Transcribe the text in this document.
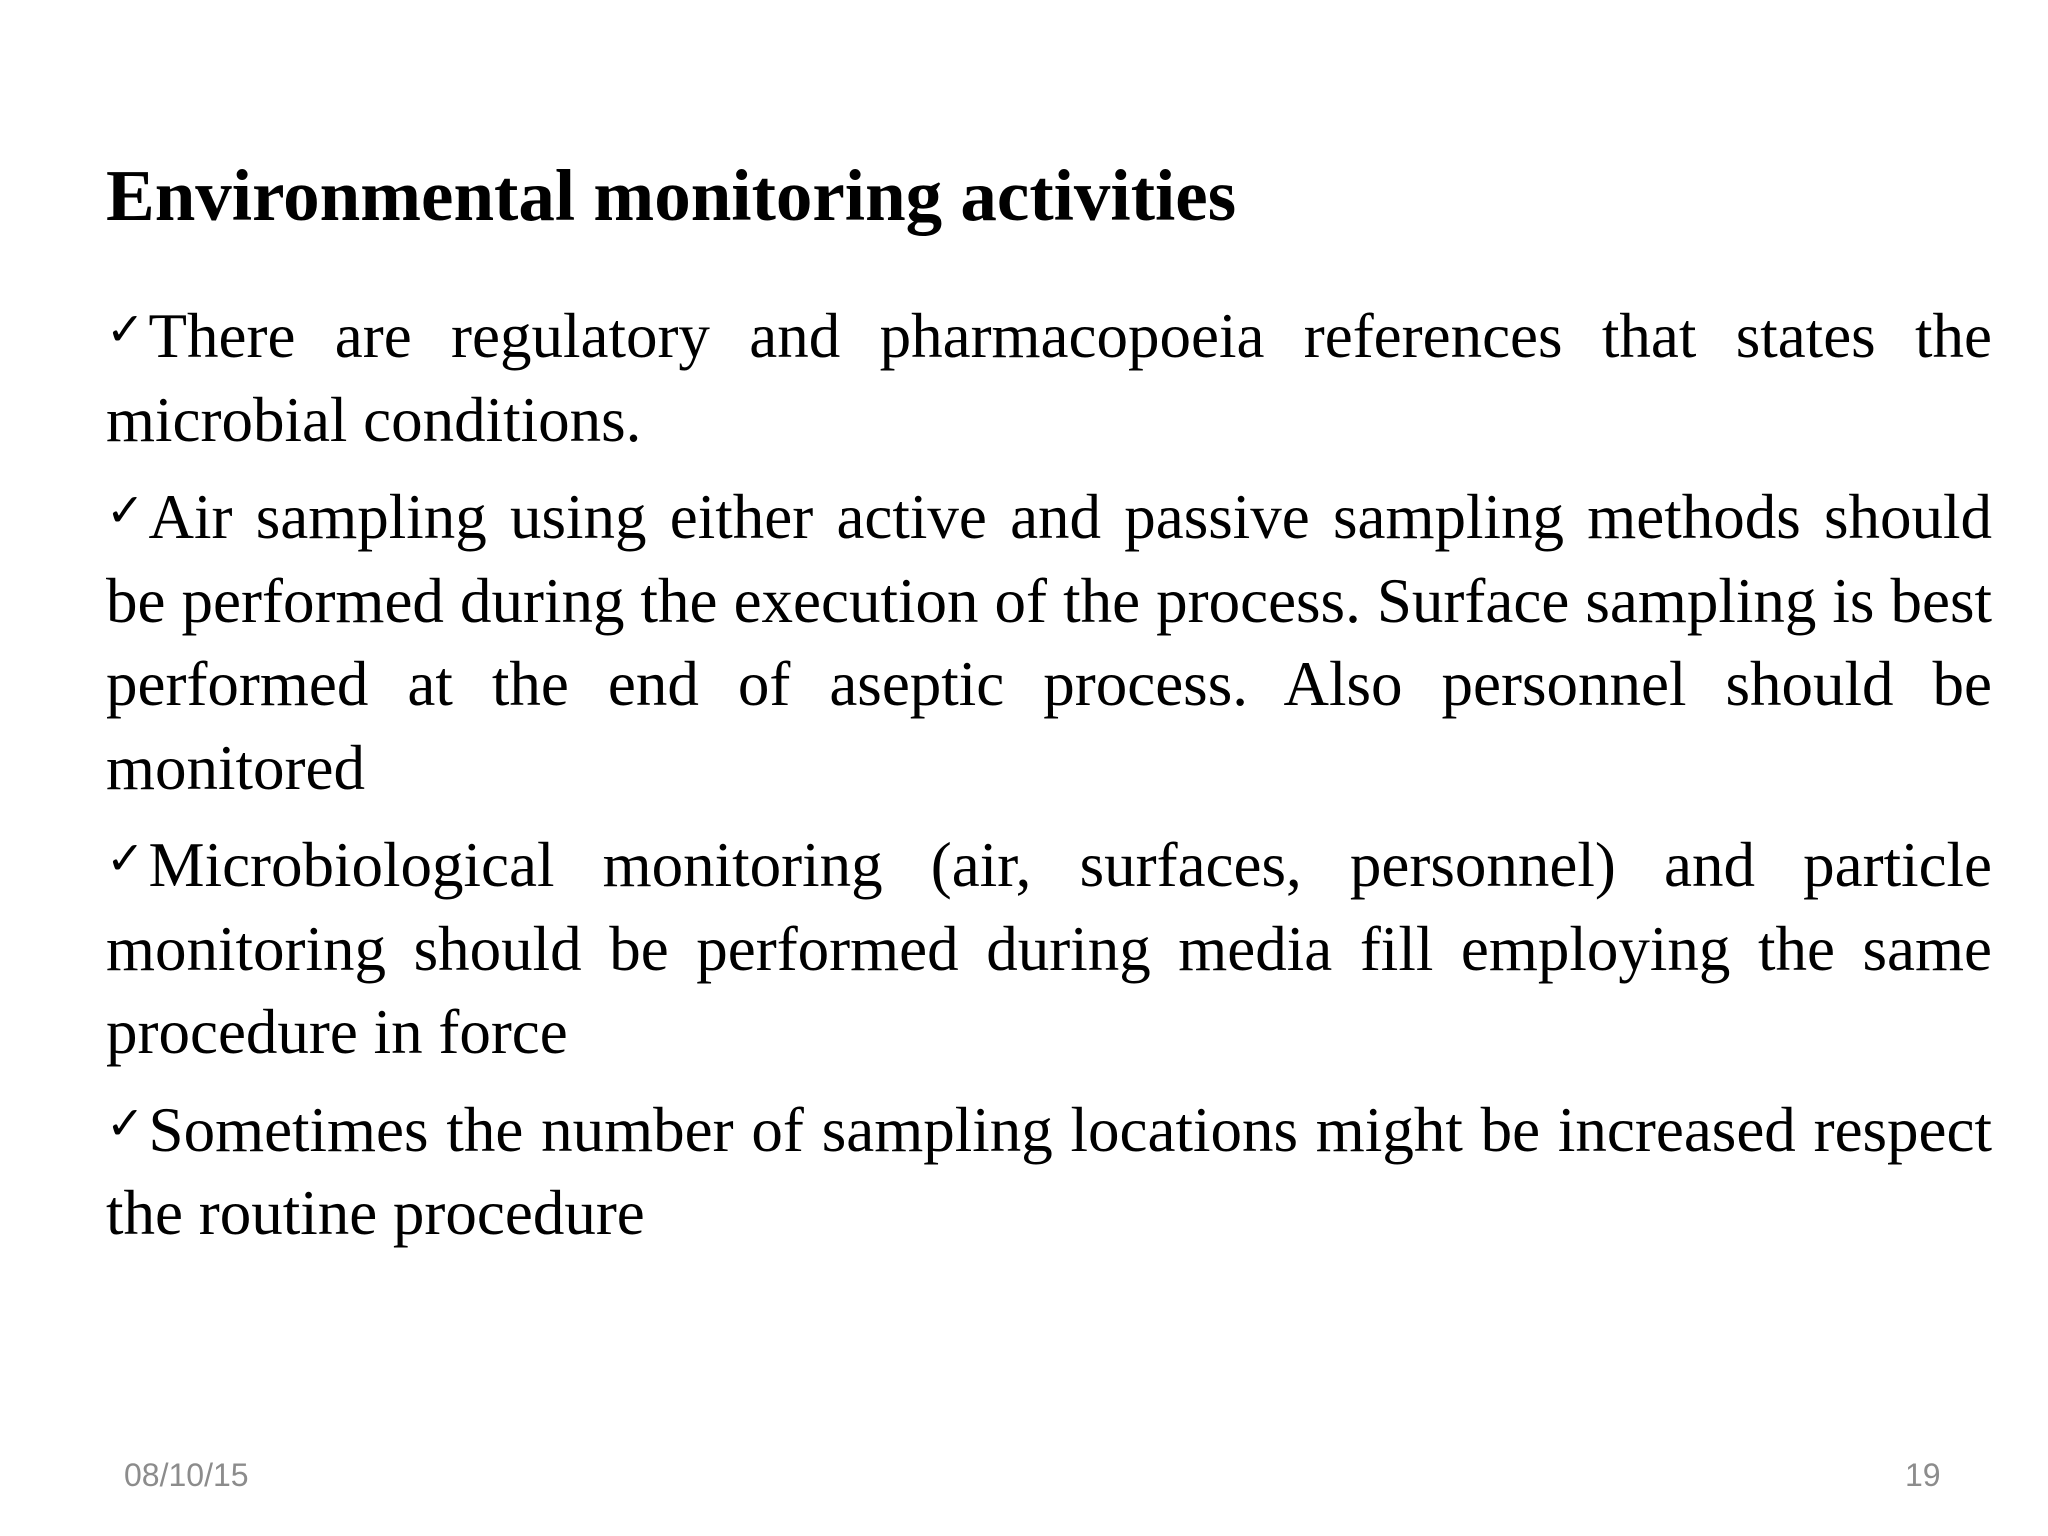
Environmental monitoring activities

✓There are regulatory and pharmacopoeia references that states the microbial conditions.

✓Air sampling using either active and passive sampling methods should be performed during the execution of the process. Surface sampling is best performed at the end of aseptic process. Also personnel should be monitored

✓Microbiological monitoring (air, surfaces, personnel) and particle monitoring should be performed during media fill employing the same procedure in force

✓Sometimes the number of sampling locations might be increased respect the routine procedure

08/10/15	19
